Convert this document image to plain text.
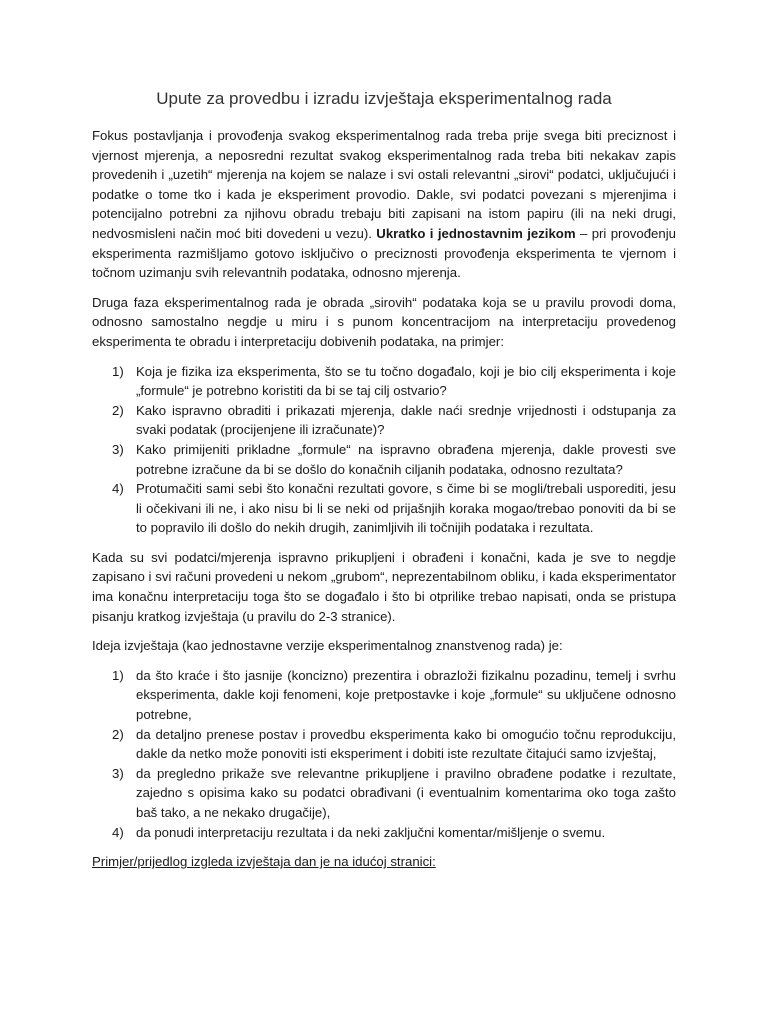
Upute za provedbu i izradu izvještaja eksperimentalnog rada

Fokus postavljanja i provođenja svakog eksperimentalnog rada treba prije svega biti preciznost i vjernost mjerenja, a neposredni rezultat svakog eksperimentalnog rada treba biti nekakav zapis provedenih i „uzetih“ mjerenja na kojem se nalaze i svi ostali relevantni „sirovi“ podatci, uključujući i podatke o tome tko i kada je eksperiment provodio. Dakle, svi podatci povezani s mjerenjima i potencijalno potrebni za njihovu obradu trebaju biti zapisani na istom papiru (ili na neki drugi, nedvosmisleni način moć biti dovedeni u vezu). Ukratko i jednostavnim jezikom – pri provođenju eksperimenta razmišljamo gotovo isključivo o preciznosti provođenja eksperimenta te vjernom i točnom uzimanju svih relevantnih podataka, odnosno mjerenja.

Druga faza eksperimentalnog rada je obrada „sirovih“ podataka koja se u pravilu provodi doma, odnosno samostalno negdje u miru i s punom koncentracijom na interpretaciju provedenog eksperimenta te obradu i interpretaciju dobivenih podataka, na primjer:

1) Koja je fizika iza eksperimenta, što se tu točno događalo, koji je bio cilj eksperimenta i koje „formule“ je potrebno koristiti da bi se taj cilj ostvario?
2) Kako ispravno obraditi i prikazati mjerenja, dakle naći srednje vrijednosti i odstupanja za svaki podatak (procijenjene ili izračunate)?
3) Kako primijeniti prikladne „formule“ na ispravno obrađena mjerenja, dakle provesti sve potrebne izračune da bi se došlo do konačnih ciljanih podataka, odnosno rezultata?
4) Protumačiti sami sebi što konačni rezultati govore, s čime bi se mogli/trebali usporediti, jesu li očekivani ili ne, i ako nisu bi li se neki od prijašnjih koraka mogao/trebao ponoviti da bi se to popravilo ili došlo do nekih drugih, zanimljivih ili točnijih podataka i rezultata.

Kada su svi podatci/mjerenja ispravno prikupljeni i obrađeni i konačni, kada je sve to negdje zapisano i svi računi provedeni u nekom „grubom“, neprezentabilnom obliku, i kada eksperimentator ima konačnu interpretaciju toga što se događalo i što bi otprilike trebao napisati, onda se pristupa pisanju kratkog izvještaja (u pravilu do 2-3 stranice).

Ideja izvještaja (kao jednostavne verzije eksperimentalnog znanstvenog rada) je:

1) da što kraće i što jasnije (koncizno) prezentira i obrazloži fizikalnu pozadinu, temelj i svrhu eksperimenta, dakle koji fenomeni, koje pretpostavke i koje „formule“ su uključene odnosno potrebne,
2) da detaljno prenese postav i provedbu eksperimenta kako bi omogućio točnu reprodukciju, dakle da netko može ponoviti isti eksperiment i dobiti iste rezultate čitajući samo izvještaj,
3) da pregledno prikaže sve relevantne prikupljene i pravilno obrađene podatke i rezultate, zajedno s opisima kako su podatci obrađivani (i eventualnim komentarima oko toga zašto baš tako, a ne nekako drugačije),
4) da ponudi interpretaciju rezultata i da neki zaključni komentar/mišljenje o svemu.

Primjer/prijedlog izgleda izvještaja dan je na idućoj stranici:
